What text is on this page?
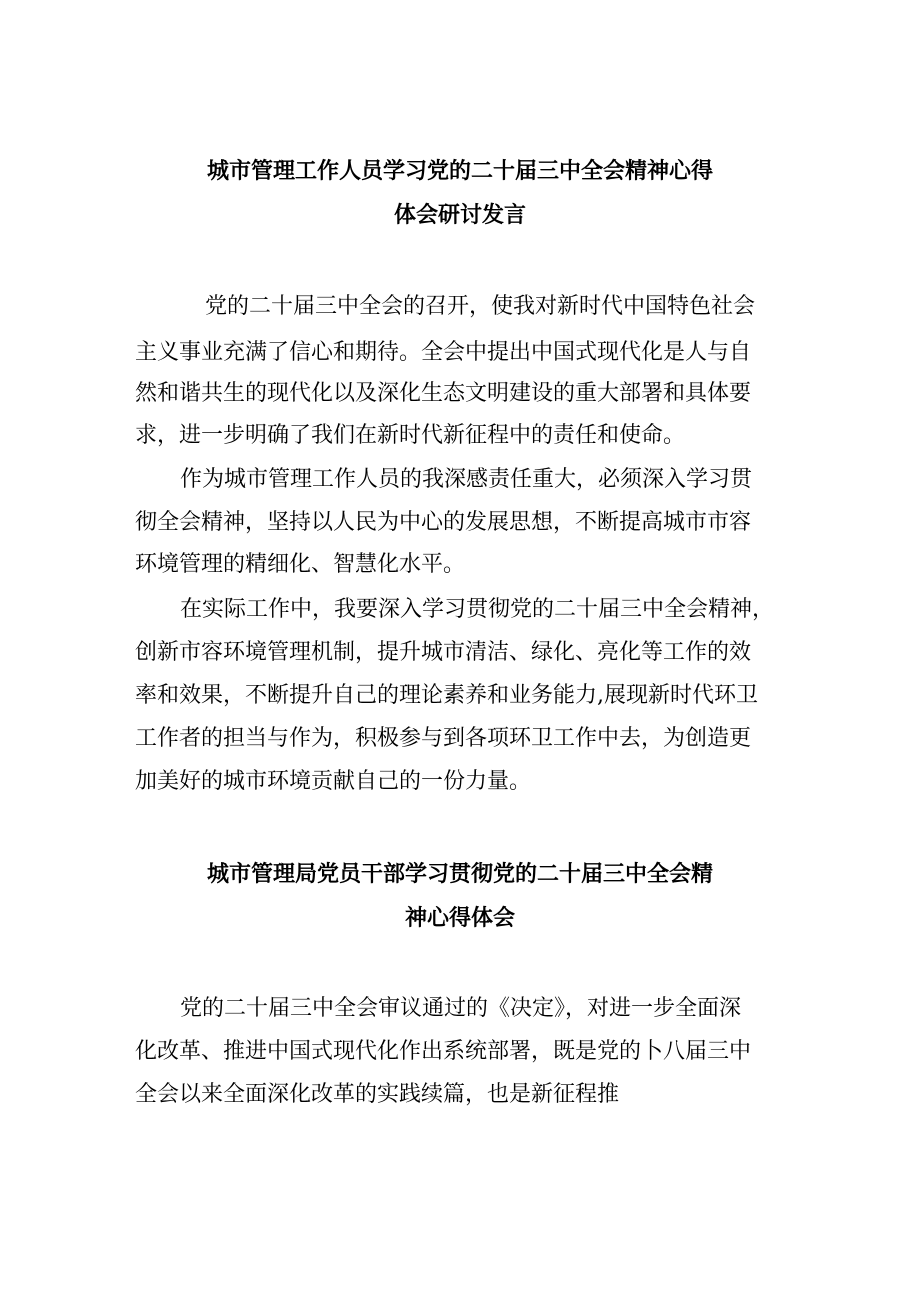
城市管理工作人员学习党的二十届三中全会精神心得
体会研讨发言

党的二十届三中全会的召开，使我对新时代中国特色社会

主义事业充满了信心和期待。全会中提出中国式现代化是人与自

然和谐共生的现代化以及深化生态文明建设的重大部署和具体要

求，进一步明确了我们在新时代新征程中的责任和使命。

作为城市管理工作人员的我深感责任重大，必须深入学习贯

彻全会精神，坚持以人民为中心的发展思想，不断提高城市市容

环境管理的精细化、智慧化水平。

在实际工作中，我要深入学习贯彻党的二十届三中全会精神，

创新市容环境管理机制，提升城市清洁、绿化、亮化等工作的效

率和效果，不断提升自己的理论素养和业务能力,展现新时代环卫

工作者的担当与作为，积极参与到各项环卫工作中去，为创造更

加美好的城市环境贡献自己的一份力量。

城市管理局党员干部学习贯彻党的二十届三中全会精
神心得体会

党的二十届三中全会审议通过的《决定》，对进一步全面深

化改革、推进中国式现代化作出系统部署，既是党的卜八届三中

全会以来全面深化改革的实践续篇，也是新征程推
